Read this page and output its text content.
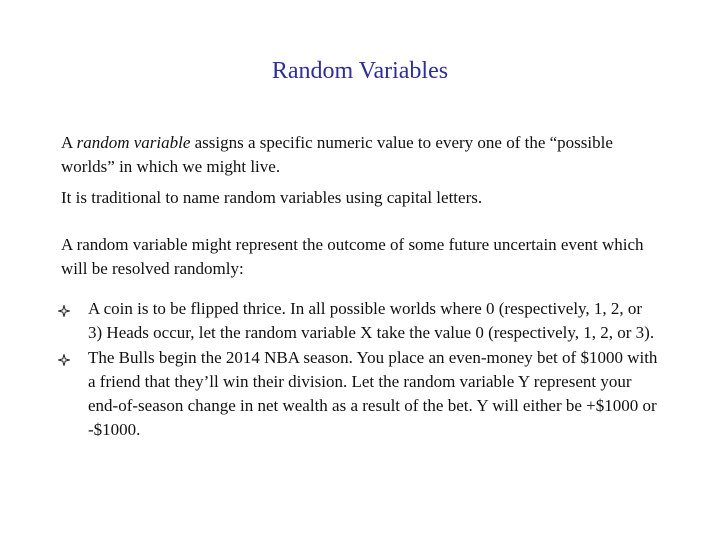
Random Variables

A random variable assigns a specific numeric value to every one of the “possible worlds” in which we might live.

It is traditional to name random variables using capital letters.

A random variable might represent the outcome of some future uncertain event which will be resolved randomly:

A coin is to be flipped thrice. In all possible worlds where 0 (respectively, 1, 2, or 3) Heads occur, let the random variable X take the value 0 (respectively, 1, 2, or 3).
The Bulls begin the 2014 NBA season. You place an even-money bet of $1000 with a friend that they’ll win their division. Let the random variable Y represent your end-of-season change in net wealth as a result of the bet. Y will either be +$1000 or -$1000.
